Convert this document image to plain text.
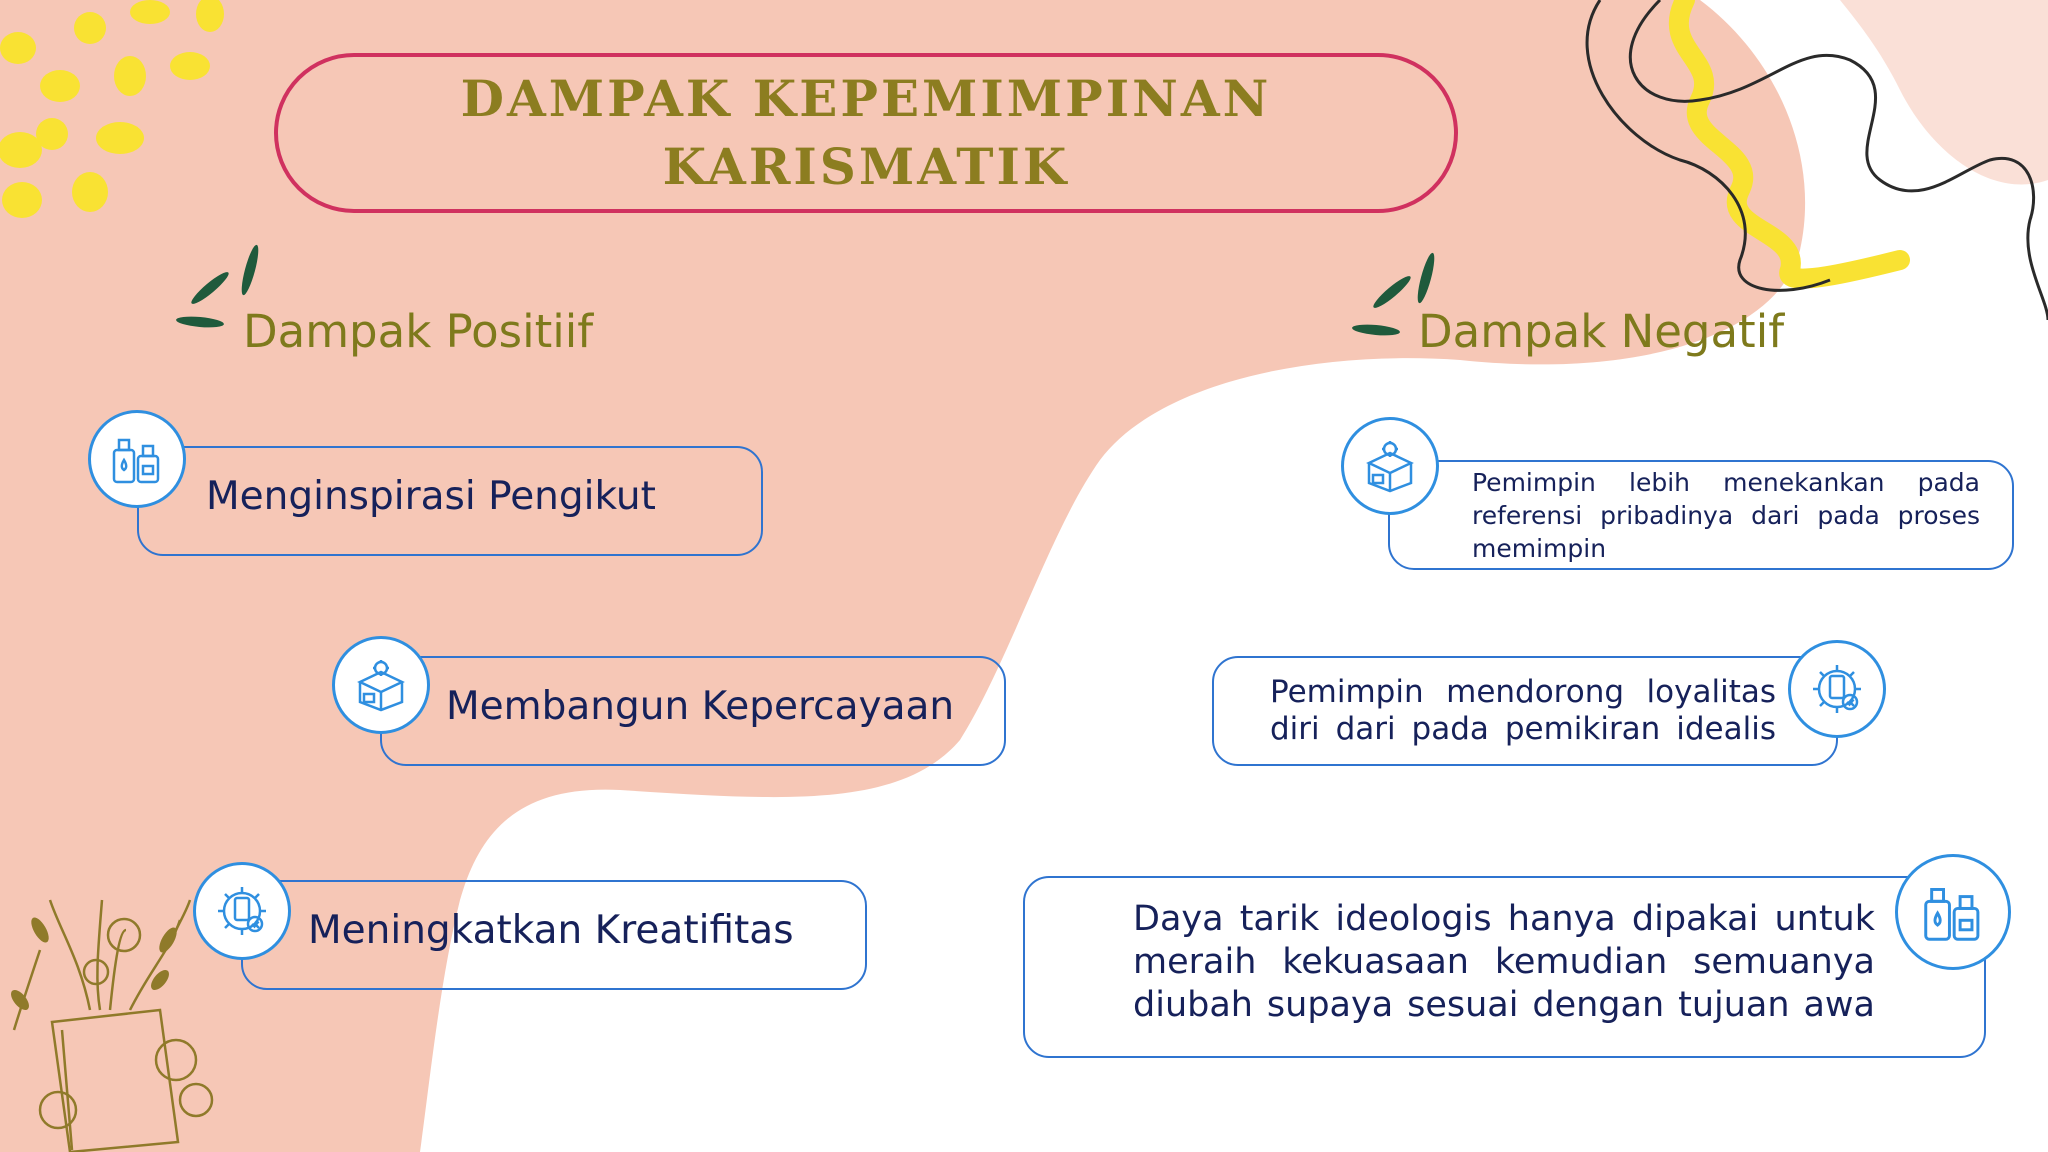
DAMPAK KEPEMIMPINAN KARISMATIK
Dampak Positiif	Dampak Negatif
Menginspirasi Pengikut
Membangun Kepercayaan
Meningkatkan Kreatifitas
Pemimpin lebih menekankan pada referensi pribadinya dari pada proses memimpin
Pemimpin mendorong loyalitas diri dari pada pemikiran idealis
Daya tarik ideologis hanya dipakai untuk meraih kekuasaan kemudian semuanya diubah supaya sesuai dengan tujuan awa
